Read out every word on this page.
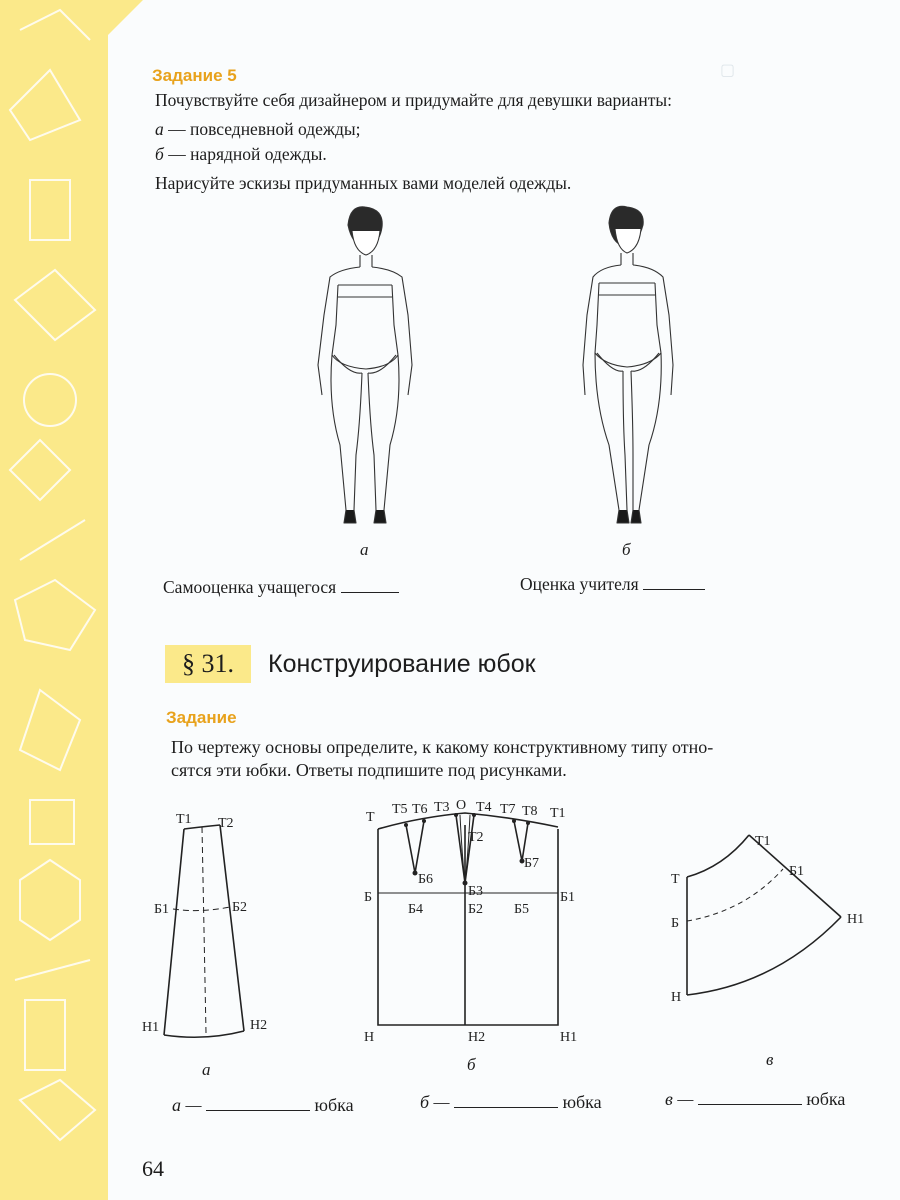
▢
Задание 5
Почувствуйте себя дизайнером и придумайте для девушки варианты:
а — повседневной одежды;
б — нарядной одежды.
Нарисуйте эскизы придуманных вами моделей одежды.
а	б
Самооценка учащегося	Оценка учителя
§ 31.	Конструирование юбок
Задание
По чертежу основы определите, к какому конструктивному типу отно-
сятся эти юбки. Ответы подпишите под рисунками.
Т1 Т2
Б1	Б2
Н1	Н2
а
Т
Т5 Т6 Т3 О Т4 Т7 Т8 Т1
Т2
Б6
Б3
Б7
Б
Б4	Б2 Б5
Б1
Н	Н2	Н1
б
Т
Т1
Б1
Б	Н1
Н
в
а —	юбка	б —	юбка	в —	юбка
64
